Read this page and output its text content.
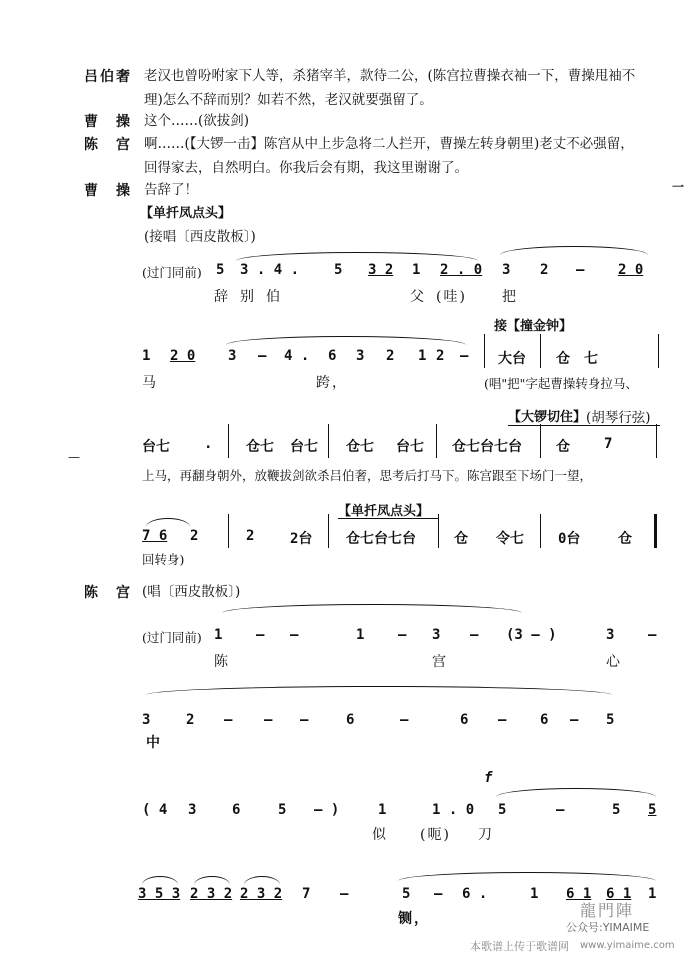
吕伯奢 老汉也曾吩咐家下人等，杀猪宰羊，款待二公，(陈宫拉曹操衣袖一下，曹操甩袖不
理)怎么不辞而别？如若不然，老汉就要强留了。
曹　操 这个……(欲拔剑)
陈　宫 啊……(【大锣一击】陈宫从中上步急将二人拦开，曹操左转身朝里)老丈不必强留，
回得家去，自然明白。你我后会有期，我这里谢谢了。
曹　操 告辞了！
【单扦凤点头】
(接唱〔西皮散板〕)
(过门同前) 5 3 . 4 . 5 3 2 1 2 . 0 3 2 – 2 0
辞 别 伯	父 (哇)	把
接【撞金钟】
1 2 0 3 – 4 . 6 3 2 1 2 – 大台 仓 七
马	跨，	(唱"把"字起曹操转身拉马、
【大锣切住】 (胡琴行弦)
台七 . 仓七 台七 仓七 台七 仓七台七台 仓 7
上马，再翻身朝外，放鞭拔剑欲杀吕伯奢，思考后打马下。陈宫跟至下场门一望，
【单扦凤点头】
7 6 2	2	2台 仓七台七台	仓 令七 0台	仓
回转身)
陈　宫 (唱〔西皮散板〕)
(过门同前) 1 – –	1 – 3 – (3 – )	3 –
陈	宫	心
3	2 – – –	6	–	6 – 6 – 5
中
f
( 4 3	6	5 – )	1	1 . 0 5	–	5 5
似 (呃) 刀
3 5 3 2 3 2 2 3 2 7 –	5 – 6 .	1 6 1 6 1 1
铡，
—
一
龍門陣
公众号:YIMAIME
本歌谱上传于歌谱网 www.yimaime.com
